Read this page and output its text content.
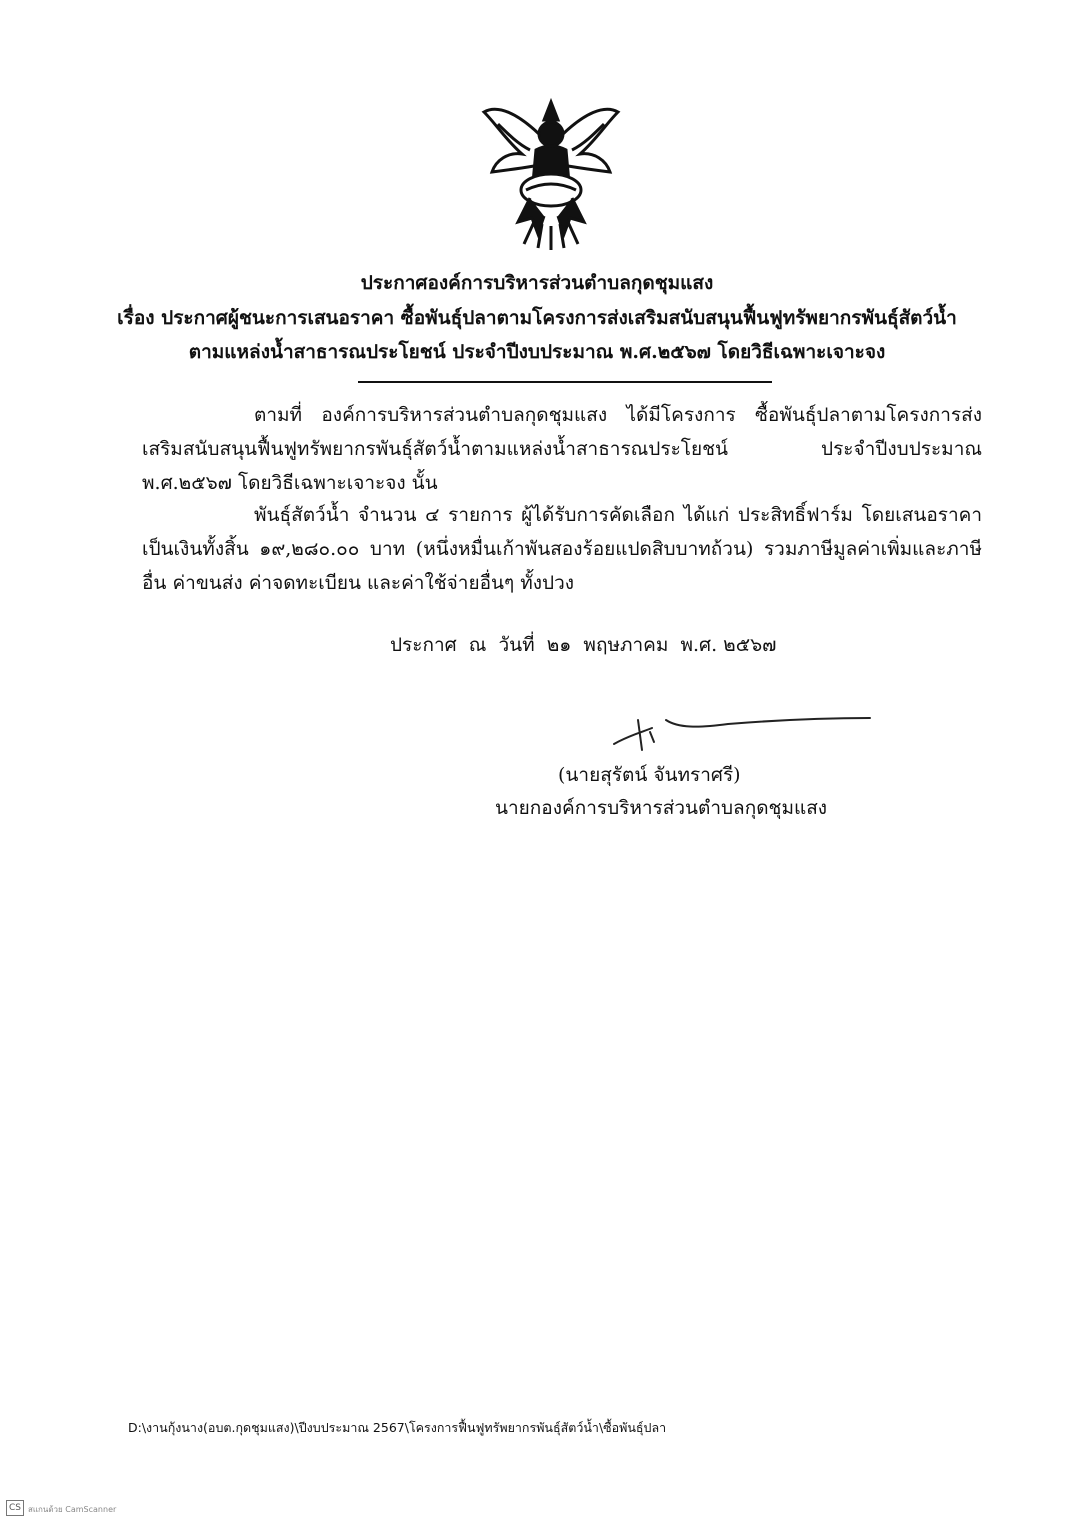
ประกาศองค์การบริหารส่วนตำบลกุดชุมแสง
เรื่อง ประกาศผู้ชนะการเสนอราคา ซื้อพันธุ์ปลาตามโครงการส่งเสริมสนับสนุนฟื้นฟูทรัพยากรพันธุ์สัตว์น้ำ
ตามแหล่งน้ำสาธารณประโยชน์ ประจำปีงบประมาณ พ.ศ.๒๕๖๗ โดยวิธีเฉพาะเจาะจง
ตามที่ องค์การบริหารส่วนตำบลกุดชุมแสง ได้มีโครงการ ซื้อพันธุ์ปลาตามโครงการส่งเสริมสนับสนุนฟื้นฟูทรัพยากรพันธุ์สัตว์น้ำตามแหล่งน้ำสาธารณประโยชน์ ประจำปีงบประมาณ พ.ศ.๒๕๖๗ โดยวิธีเฉพาะเจาะจง นั้น
พันธุ์สัตว์น้ำ จำนวน ๔ รายการ ผู้ได้รับการคัดเลือก ได้แก่ ประสิทธิ์ฟาร์ม โดยเสนอราคา เป็นเงินทั้งสิ้น ๑๙,๒๘๐.๐๐ บาท (หนึ่งหมื่นเก้าพันสองร้อยแปดสิบบาทถ้วน) รวมภาษีมูลค่าเพิ่มและภาษีอื่น ค่าขนส่ง ค่าจดทะเบียน และค่าใช้จ่ายอื่นๆ ทั้งปวง
ประกาศ  ณ  วันที่  ๒๑  พฤษภาคม  พ.ศ. ๒๕๖๗
(นายสุรัตน์ จันทราศรี)
นายกองค์การบริหารส่วนตำบลกุดชุมแสง
D:\งานกุ้งนาง(อบต.กุดชุมแสง)\ปีงบประมาณ 2567\โครงการฟื้นฟูทรัพยากรพันธุ์สัตว์น้ำ\ซื้อพันธุ์ปลา
CS สแกนด้วย CamScanner
